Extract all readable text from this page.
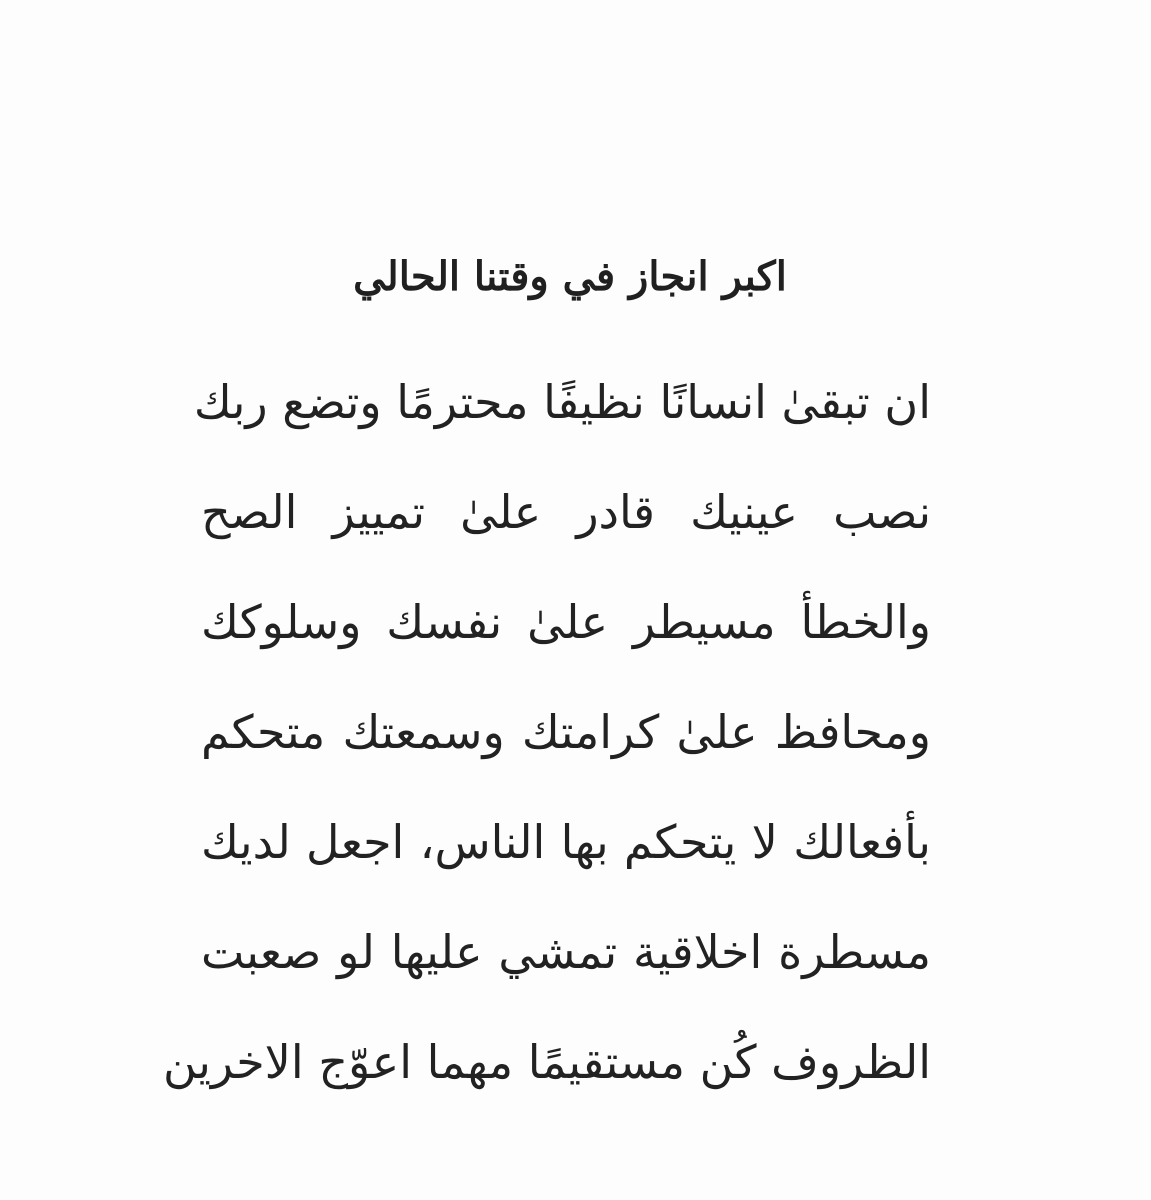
اكبر انجاز في وقتنا الحالي

ان تبقىٰ انسانًا نظيفًا محترمًا وتضع ربك

نصب عينيك قادر علىٰ تمييز الصح

والخطأ مسيطر علىٰ نفسك وسلوكك

ومحافظ علىٰ كرامتك وسمعتك متحكم

بأفعالك لا يتحكم بها الناس، اجعل لديك

مسطرة اخلاقية تمشي عليها لو صعبت

الظروف كُن مستقيمًا مهما اعوّج الاخرين
